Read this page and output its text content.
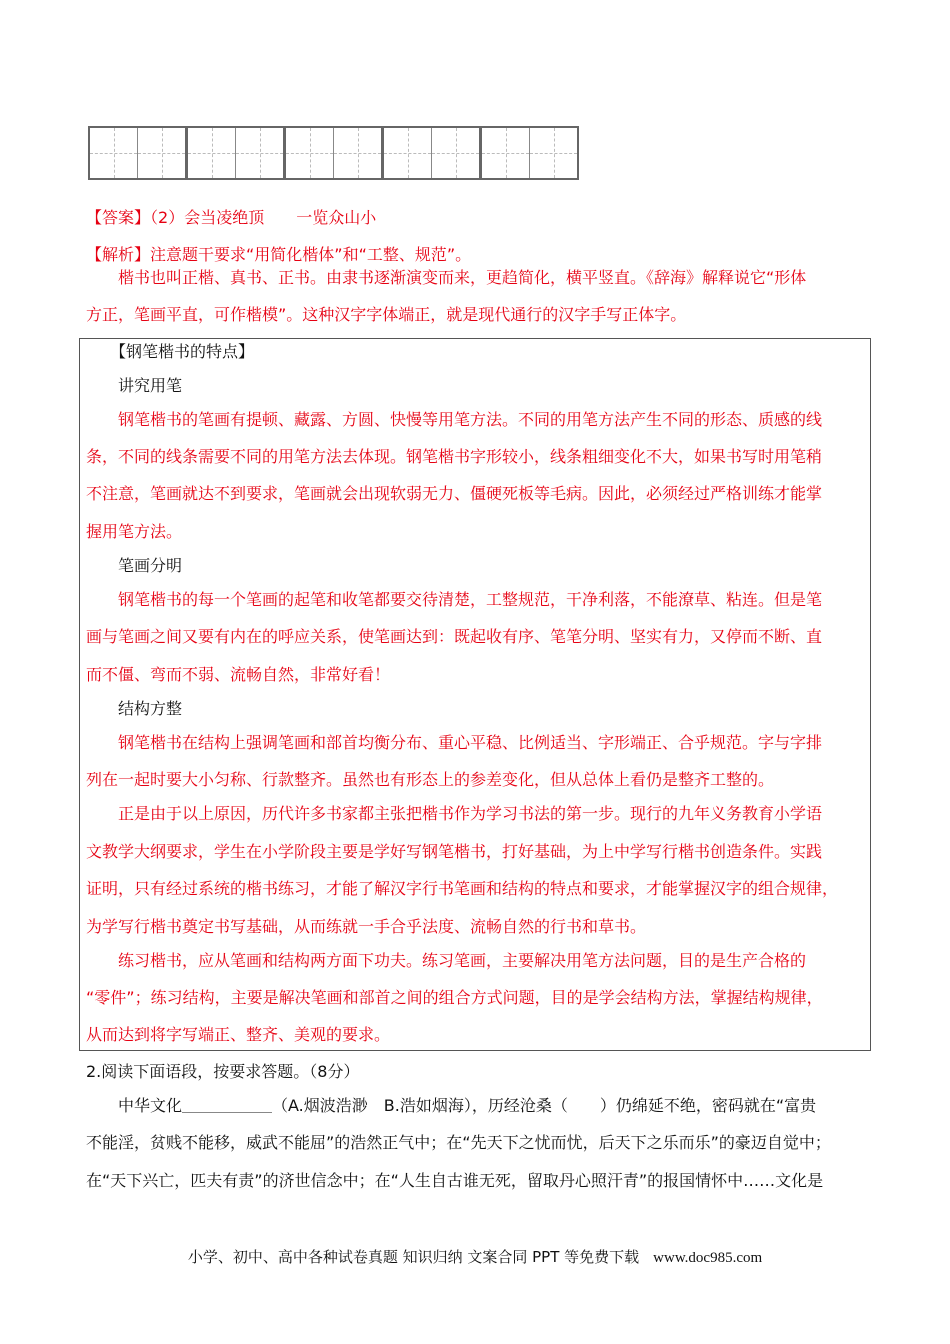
【答案】（2）会当凌绝顶　　一览众山小
【解析】注意题干要求“用简化楷体”和“工整、规范”。
　　楷书也叫正楷、真书、正书。由隶书逐渐演变而来，更趋简化，横平竖直。《辞海》解释说它“形体
方正，笔画平直，可作楷模”。这种汉字字体端正，就是现代通行的汉字手写正体字。
【钢笔楷书的特点】
　　讲究用笔
　　钢笔楷书的笔画有提顿、藏露、方圆、快慢等用笔方法。不同的用笔方法产生不同的形态、质感的线
条，不同的线条需要不同的用笔方法去体现。钢笔楷书字形较小，线条粗细变化不大，如果书写时用笔稍
不注意，笔画就达不到要求，笔画就会出现软弱无力、僵硬死板等毛病。因此，必须经过严格训练才能掌
握用笔方法。
　　笔画分明
　　钢笔楷书的每一个笔画的起笔和收笔都要交待清楚，工整规范，干净利落，不能潦草、粘连。但是笔
画与笔画之间又要有内在的呼应关系，使笔画达到：既起收有序、笔笔分明、坚实有力，又停而不断、直
而不僵、弯而不弱、流畅自然，非常好看！
　　结构方整
　　钢笔楷书在结构上强调笔画和部首均衡分布、重心平稳、比例适当、字形端正、合乎规范。字与字排
列在一起时要大小匀称、行款整齐。虽然也有形态上的参差变化，但从总体上看仍是整齐工整的。
　　正是由于以上原因，历代许多书家都主张把楷书作为学习书法的第一步。现行的九年义务教育小学语
文教学大纲要求，学生在小学阶段主要是学好写钢笔楷书，打好基础，为上中学写行楷书创造条件。实践
证明，只有经过系统的楷书练习，才能了解汉字行书笔画和结构的特点和要求，才能掌握汉字的组合规律，
为学写行楷书奠定书写基础，从而练就一手合乎法度、流畅自然的行书和草书。
　　练习楷书，应从笔画和结构两方面下功夫。练习笔画，主要解决用笔方法问题，目的是生产合格的
“零件”；练习结构，主要是解决笔画和部首之间的组合方式问题，目的是学会结构方法，掌握结构规律，
从而达到将字写端正、整齐、美观的要求。
2.阅读下面语段，按要求答题。（8分）
　　中华文化	（A.烟波浩渺　B.浩如烟海），历经沧桑（　　）仍绵延不绝，密码就在“富贵
不能淫，贫贱不能移，威武不能屈”的浩然正气中；在“先天下之忧而忧，后天下之乐而乐”的豪迈自觉中；
在“天下兴亡，匹夫有责”的济世信念中；在“人生自古谁无死，留取丹心照汗青”的报国情怀中……文化是
小学、初中、高中各种试卷真题 知识归纳 文案合同 PPT 等免费下载 www.doc985.com
